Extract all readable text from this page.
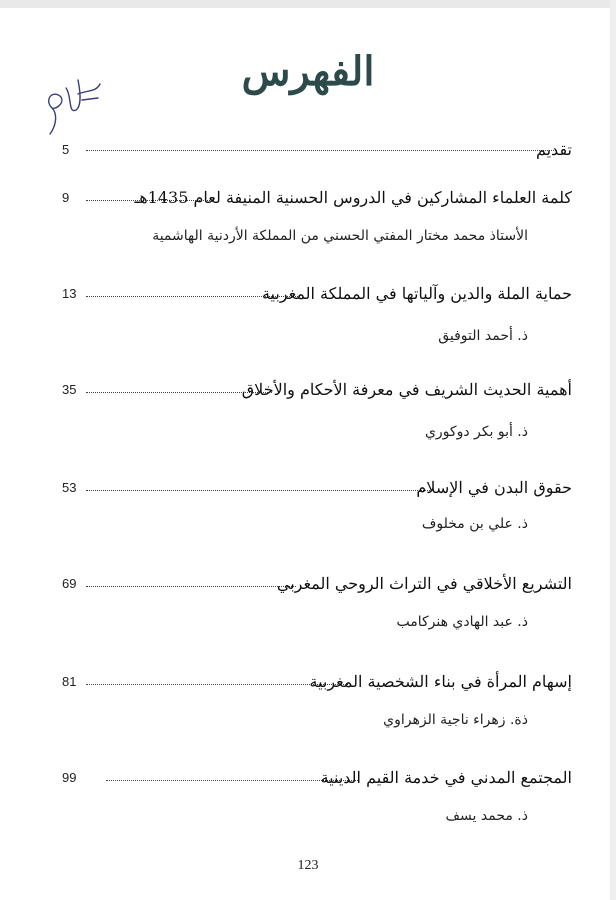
الفهرس
5	تقديم
9	كلمة العلماء المشاركين في الدروس الحسنية المنيفة لعام 1435هـ
الأستاذ محمد مختار المفتي الحسني من المملكة الأردنية الهاشمية
13	حماية الملة والدين وآلياتها في المملكة المغربية
ذ. أحمد التوفيق
35	أهمية الحديث الشريف في معرفة الأحكام والأخلاق
ذ. أبو بكر دوكوري
53	حقوق البدن في الإسلام
ذ. علي بن مخلوف
69	التشريع الأخلاقي في التراث الروحي المغربي
ذ. عبد الهادي هنركامب
81	إسهام المرأة في بناء الشخصية المغربية
ذة. زهراء ناجية الزهراوي
99	المجتمع المدني في خدمة القيم الدينية
ذ. محمد يسف
123
